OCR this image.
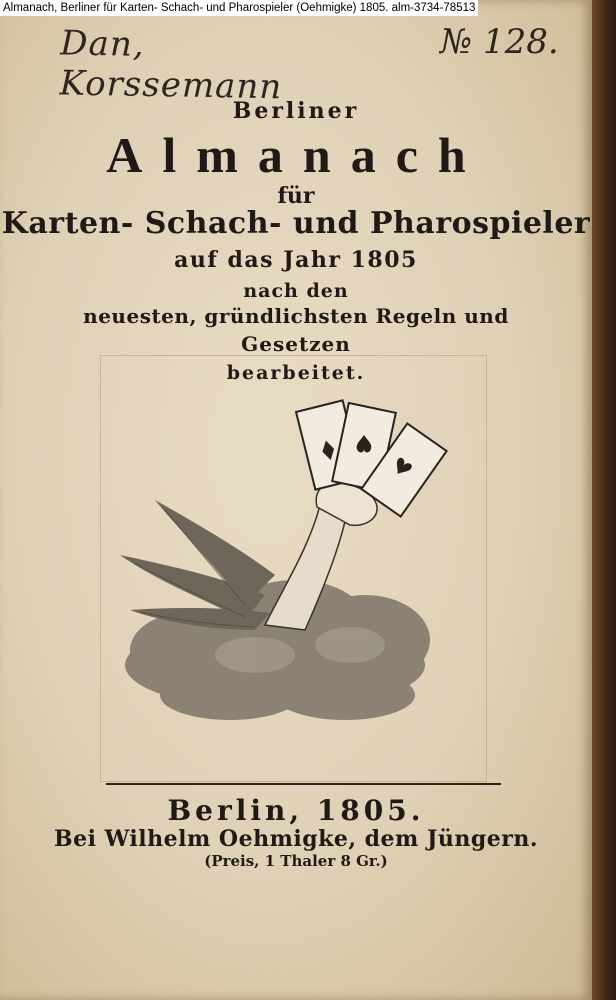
Dan, Korssemann
№ 128.
Berliner
Almanach
für
Karten- Schach- und Pharospieler
auf das Jahr 1805
nach den
neuesten, gründlichsten Regeln und
Gesetzen
bearbeitet.
Berlin, 1805.
Bei Wilhelm Oehmigke, dem Jüngern.
(Preis, 1 Thaler 8 Gr.)
Almanach, Berliner für Karten- Schach- und Pharospieler (Oehmigke) 1805. alm-3734-78513
